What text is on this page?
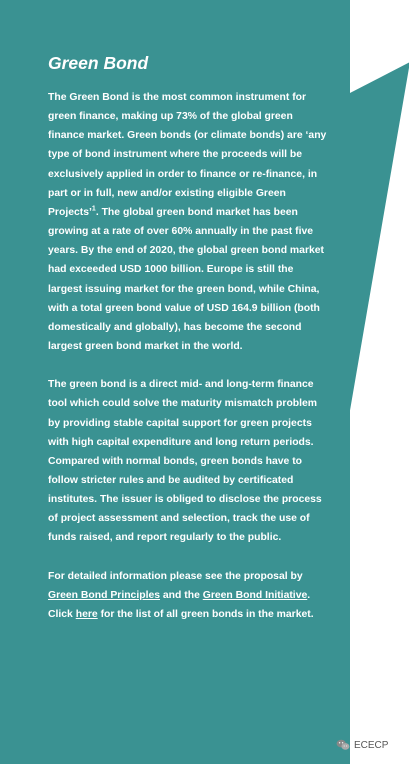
Green Bond

The Green Bond is the most common instrument for green finance, making up 73% of the global green finance market. Green bonds (or climate bonds) are ‘any type of bond instrument where the proceeds will be exclusively applied in order to finance or re-finance, in part or in full, new and/or existing eligible Green Projects’$^1$. The global green bond market has been growing at a rate of over 60% annually in the past five years. By the end of 2020, the global green bond market had exceeded USD 1000 billion. Europe is still the largest issuing market for the green bond, while China, with a total green bond value of USD 164.9 billion (both domestically and globally), has become the second largest green bond market in the world.

The green bond is a direct mid- and long-term finance tool which could solve the maturity mismatch problem by providing stable capital support for green projects with high capital expenditure and long return periods. Compared with normal bonds, green bonds have to follow stricter rules and be audited by certificated institutes. The issuer is obliged to disclose the process of project assessment and selection, track the use of funds raised, and report regularly to the public.

For detailed information please see the proposal by Green Bond Principles and the Green Bond Initiative. Click here for the list of all green bonds in the market.

ECECP
